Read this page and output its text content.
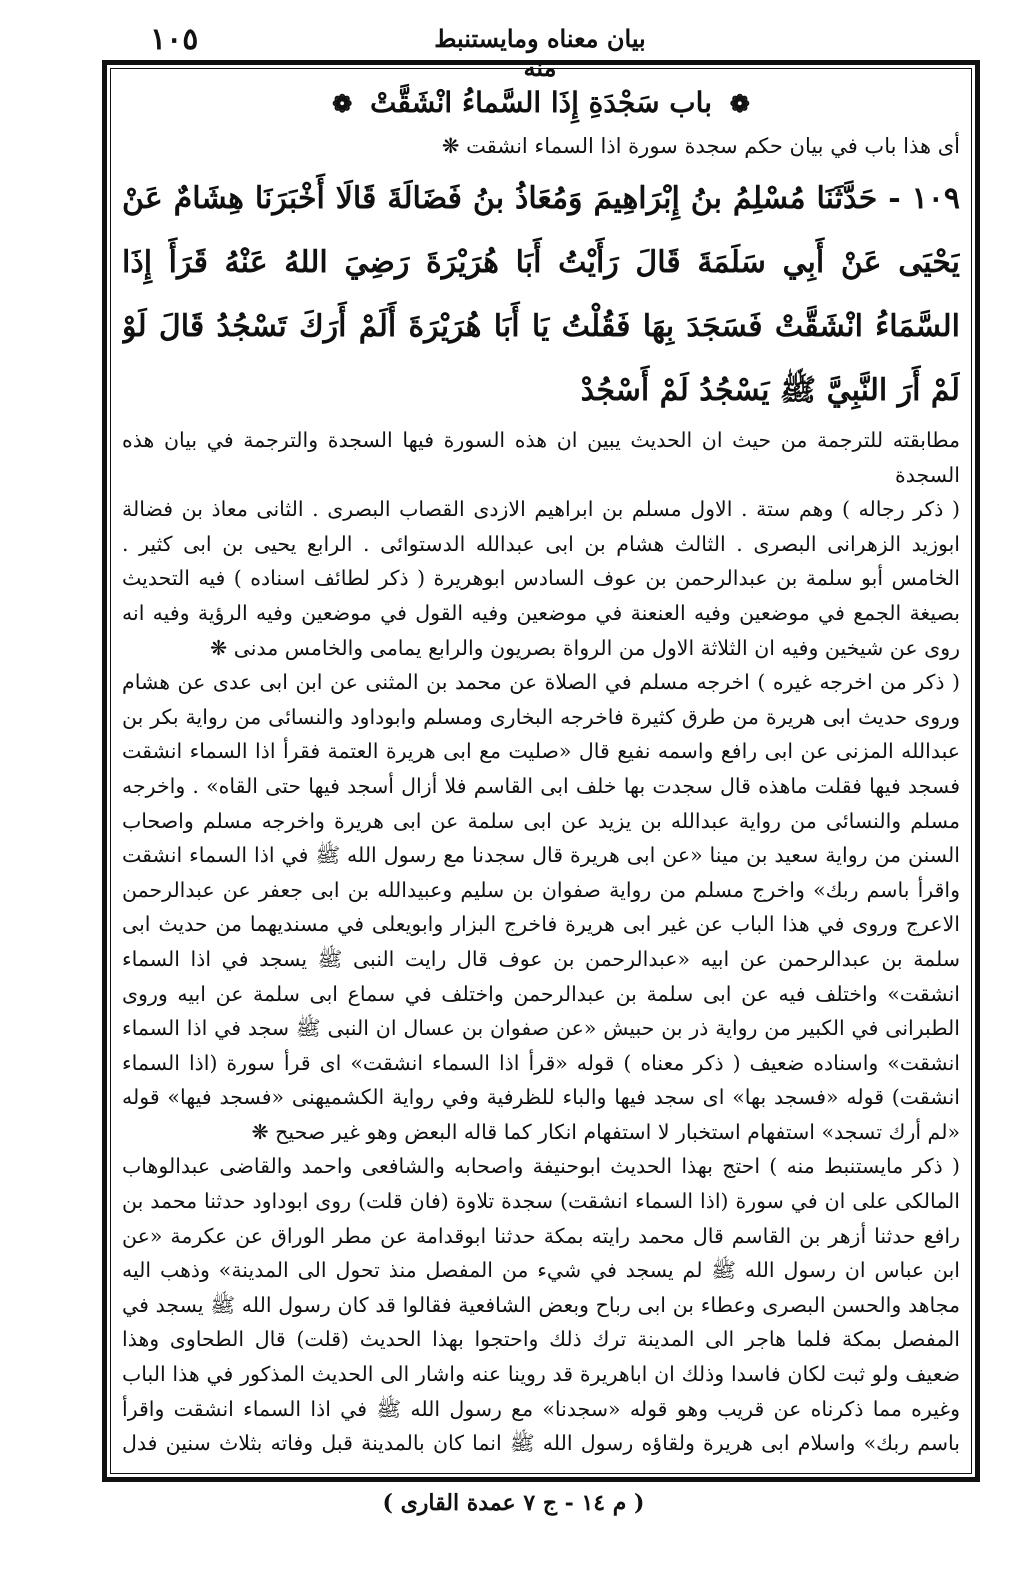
١٠٥	بيان معناه ومايستنبط منه
❁ باب سَجْدَةِ إِذَا السَّماءُ انْشَقَّتْ ❁

أى هذا باب في بيان حكم سجدة سورة اذا السماء انشقت ❋

١٠٩ - حَدَّثَنَا مُسْلِمُ بنُ إِبْرَاهِيمَ وَمُعَاذُ بنُ فَضَالَةَ قَالَا أَخْبَرَنَا هِشَامٌ عَنْ يَحْيَى عَنْ أَبِي سَلَمَةَ قَالَ رَأَيْتُ أَبَا هُرَيْرَةَ رَضِيَ اللهُ عَنْهُ قَرَأَ إِذَا السَّمَاءُ انْشَقَّتْ فَسَجَدَ بِهَا فَقُلْتُ يَا أَبَا هُرَيْرَةَ أَلَمْ أَرَكَ تَسْجُدُ قَالَ لَوْ لَمْ أَرَ النَّبِيَّ ﷺ يَسْجُدُ لَمْ أَسْجُدْ

مطابقته للترجمة من حيث ان الحديث يبين ان هذه السورة فيها السجدة والترجمة في بيان هذه السجدة

( ذكر رجاله ) وهم ستة . الاول مسلم بن ابراهيم الازدى القصاب البصرى . الثانى معاذ بن فضالة ابوزيد الزهرانى البصرى . الثالث هشام بن ابى عبدالله الدستوائى . الرابع يحيى بن ابى كثير . الخامس أبو سلمة بن عبدالرحمن بن عوف السادس ابوهريرة ( ذكر لطائف اسناده ) فيه التحديث بصيغة الجمع في موضعين وفيه العنعنة في موضعين وفيه القول في موضعين وفيه الرؤية وفيه انه روى عن شيخين وفيه ان الثلاثة الاول من الرواة بصريون والرابع يمامى والخامس مدنى ❋

( ذكر من اخرجه غيره ) اخرجه مسلم في الصلاة عن محمد بن المثنى عن ابن ابى عدى عن هشام وروى حديث ابى هريرة من طرق كثيرة فاخرجه البخارى ومسلم وابوداود والنسائى من رواية بكر بن عبدالله المزنى عن ابى رافع واسمه نفيع قال «صليت مع ابى هريرة العتمة فقرأ اذا السماء انشقت فسجد فيها فقلت ماهذه قال سجدت بها خلف ابى القاسم فلا أزال أسجد فيها حتى القاه» . واخرجه مسلم والنسائى من رواية عبدالله بن يزيد عن ابى سلمة عن ابى هريرة واخرجه مسلم واصحاب السنن من رواية سعيد بن مينا «عن ابى هريرة قال سجدنا مع رسول الله ﷺ في اذا السماء انشقت واقرأ باسم ربك» واخرج مسلم من رواية صفوان بن سليم وعبيدالله بن ابى جعفر عن عبدالرحمن الاعرج وروى في هذا الباب عن غير ابى هريرة فاخرج البزار وابويعلى في مسنديهما من حديث ابى سلمة بن عبدالرحمن عن ابيه «عبدالرحمن بن عوف قال رايت النبى ﷺ يسجد في اذا السماء انشقت» واختلف فيه عن ابى سلمة بن عبدالرحمن واختلف في سماع ابى سلمة عن ابيه وروى الطبرانى في الكبير من رواية ذر بن حبيش «عن صفوان بن عسال ان النبى ﷺ سجد في اذا السماء انشقت» واسناده ضعيف ( ذكر معناه ) قوله «قرأ اذا السماء انشقت» اى قرأ سورة (اذا السماء انشقت) قوله «فسجد بها» اى سجد فيها والباء للظرفية وفي رواية الكشميهنى «فسجد فيها» قوله «لم أرك تسجد» استفهام استخبار لا استفهام انكار كما قاله البعض وهو غير صحيح ❋

( ذكر مايستنبط منه ) احتج بهذا الحديث ابوحنيفة واصحابه والشافعى واحمد والقاضى عبدالوهاب المالكى على ان في سورة (اذا السماء انشقت) سجدة تلاوة (فان قلت) روى ابوداود حدثنا محمد بن رافع حدثنا أزهر بن القاسم قال محمد رايته بمكة حدثنا ابوقدامة عن مطر الوراق عن عكرمة «عن ابن عباس ان رسول الله ﷺ لم يسجد في شيء من المفصل منذ تحول الى المدينة» وذهب اليه مجاهد والحسن البصرى وعطاء بن ابى رباح وبعض الشافعية فقالوا قد كان رسول الله ﷺ يسجد في المفصل بمكة فلما هاجر الى المدينة ترك ذلك واحتجوا بهذا الحديث (قلت) قال الطحاوى وهذا ضعيف ولو ثبت لكان فاسدا وذلك ان اباهريرة قد روينا عنه واشار الى الحديث المذكور في هذا الباب وغيره مما ذكرناه عن قريب وهو قوله «سجدنا» مع رسول الله ﷺ في اذا السماء انشقت واقرأ باسم ربك» واسلام ابى هريرة ولقاؤه رسول الله ﷺ انما كان بالمدينة قبل وفاته بثلاث سنين فدل

( م ١٤ - ج ٧ عمدة القارى )
